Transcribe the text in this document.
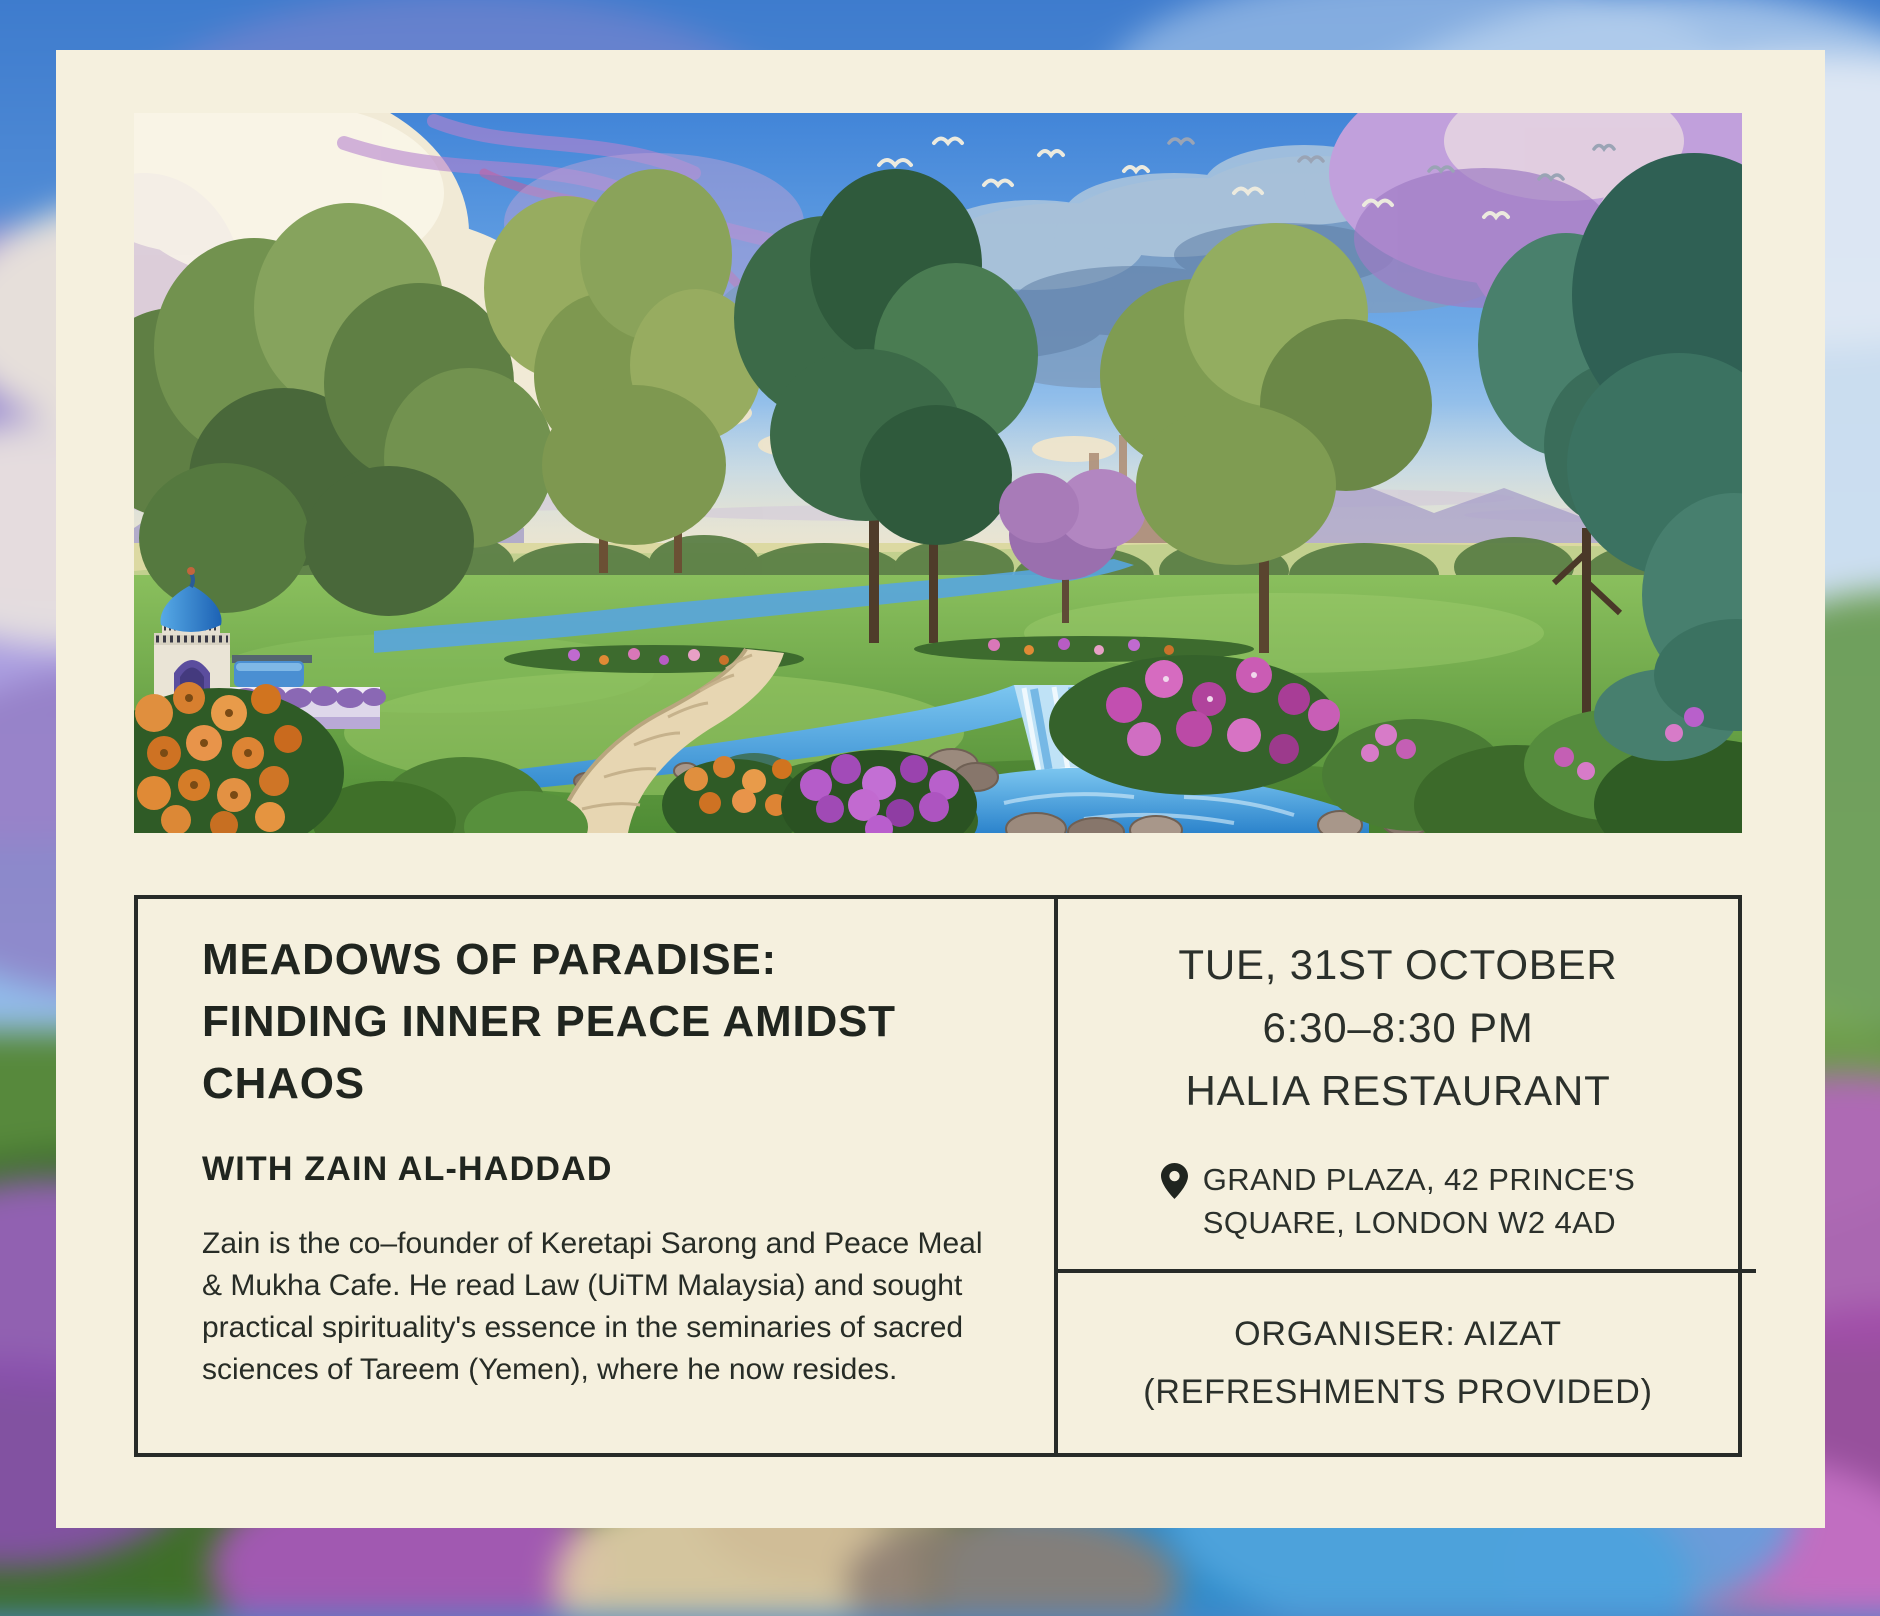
MEADOWS OF PARADISE:
FINDING INNER PEACE AMIDST
CHAOS
WITH ZAIN AL-HADDAD

Zain is the co–founder of Keretapi Sarong and Peace Meal & Mukha Cafe. He read Law (UiTM Malaysia) and sought practical spirituality's essence in the seminaries of sacred sciences of Tareem (Yemen), where he now resides.

TUE, 31ST OCTOBER
6:30–8:30 PM
HALIA RESTAURANT
GRAND PLAZA, 42 PRINCE'S
SQUARE, LONDON W2 4AD
ORGANISER: AIZAT
(REFRESHMENTS PROVIDED)
